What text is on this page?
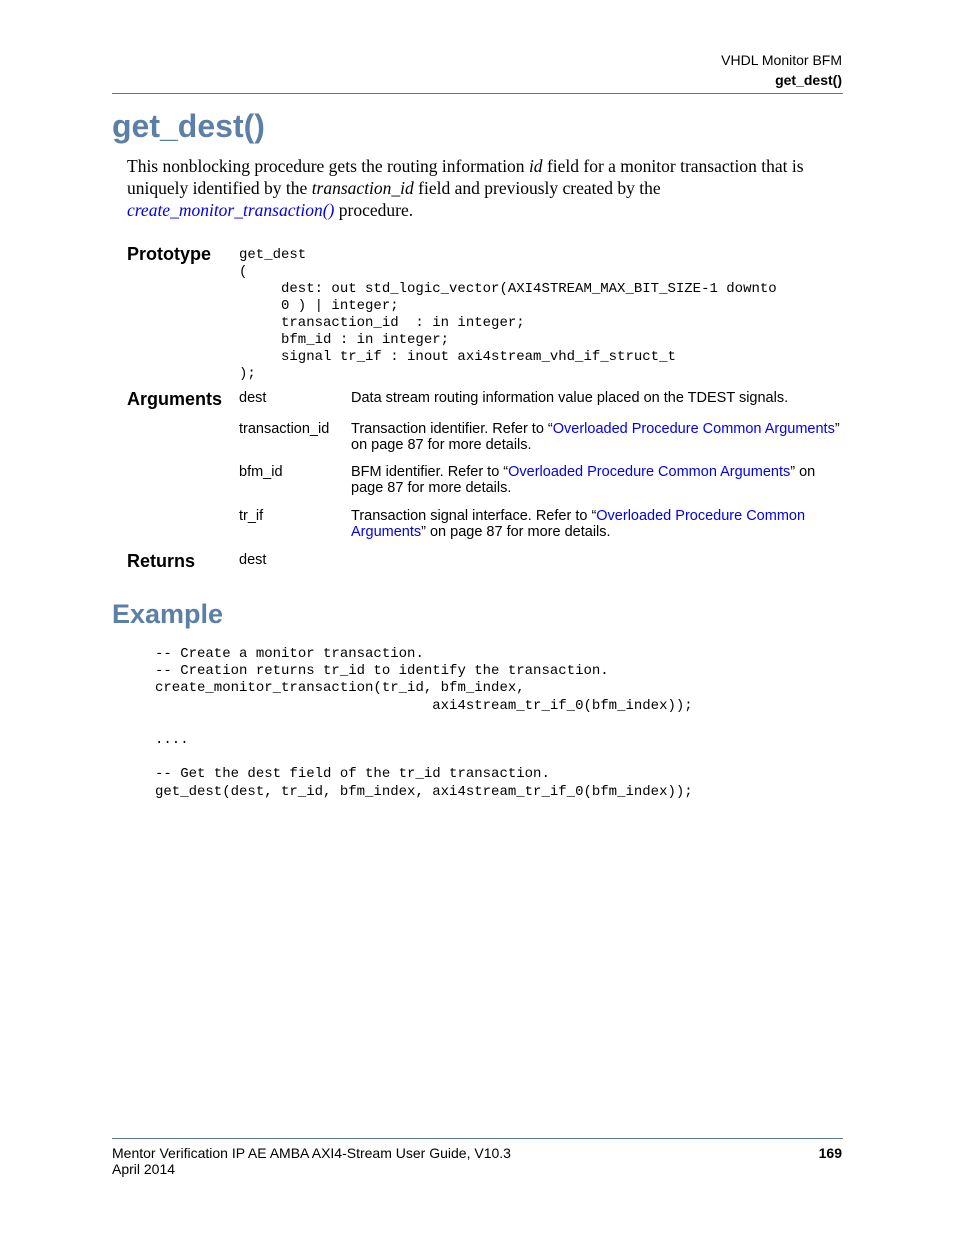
VHDL Monitor BFM
get_dest()
get_dest()
This nonblocking procedure gets the routing information id field for a monitor transaction that is uniquely identified by the transaction_id field and previously created by the create_monitor_transaction() procedure.
Prototype get_dest
(
dest: out std_logic_vector(AXI4STREAM_MAX_BIT_SIZE-1 downto
0 ) | integer;
transaction_id  : in integer;
bfm_id : in integer;
signal tr_if : inout axi4stream_vhd_if_struct_t
);
Arguments dest	Data stream routing information value placed on the TDEST signals.
transaction_id Transaction identifier. Refer to “Overloaded Procedure Common Arguments” on page 87 for more details.
bfm_id	BFM identifier. Refer to “Overloaded Procedure Common Arguments” on page 87 for more details.
tr_if	Transaction signal interface. Refer to “Overloaded Procedure Common Arguments” on page 87 for more details.
Returns	dest
Example
-- Create a monitor transaction.
-- Creation returns tr_id to identify the transaction.
create_monitor_transaction(tr_id, bfm_index,
axi4stream_tr_if_0(bfm_index));

....

-- Get the dest field of the tr_id transaction.
get_dest(dest, tr_id, bfm_index, axi4stream_tr_if_0(bfm_index));
Mentor Verification IP AE AMBA AXI4-Stream User Guide, V10.3
April 2014
169
